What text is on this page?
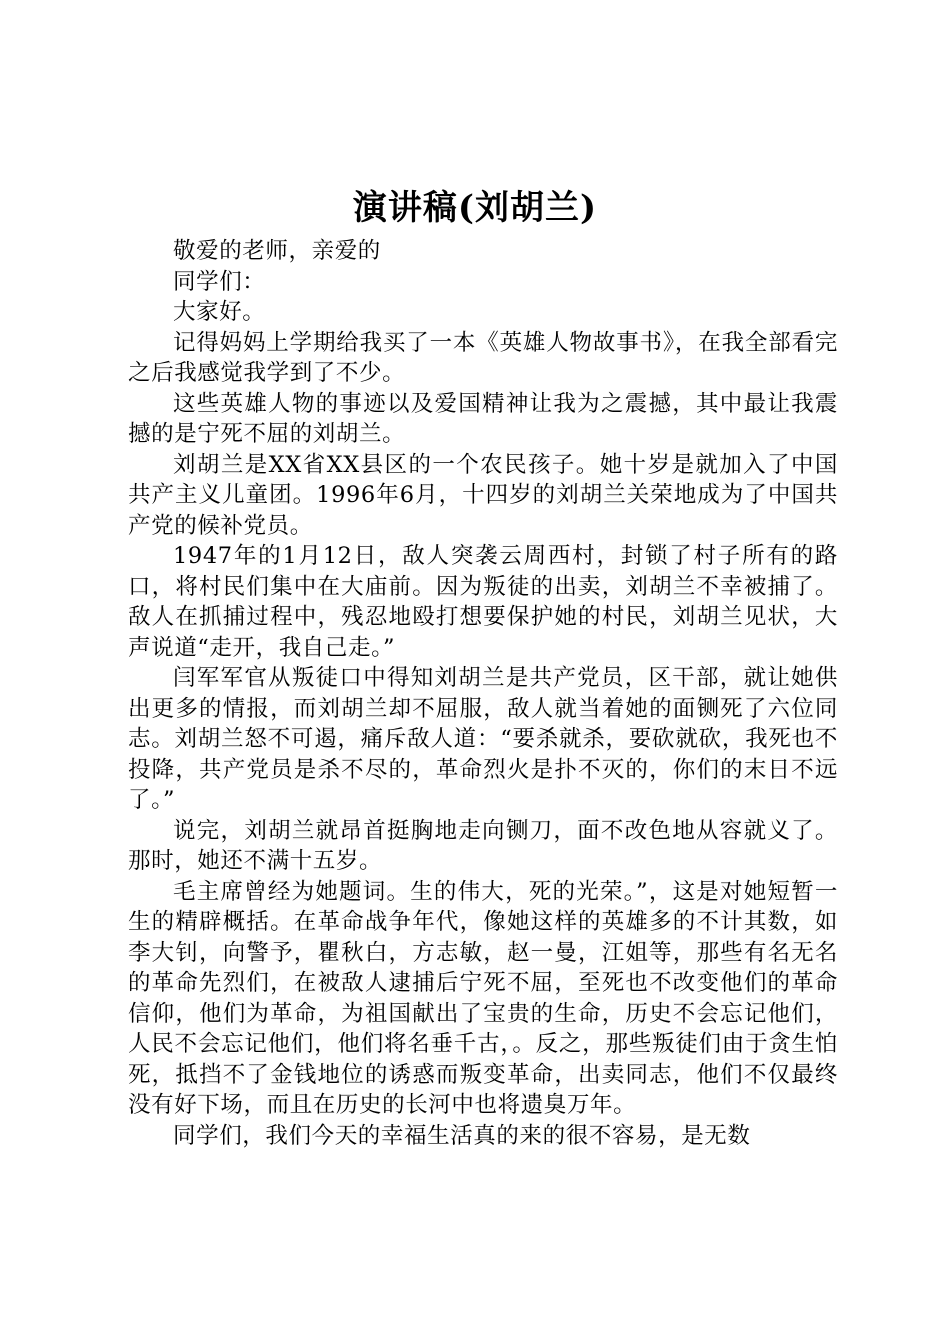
演讲稿(刘胡兰)

敬爱的老师，亲爱的

同学们：

大家好。

记得妈妈上学期给我买了一本《英雄人物故事书》，在我全部看完之后我感觉我学到了不少。

这些英雄人物的事迹以及爱国精神让我为之震撼，其中最让我震撼的是宁死不屈的刘胡兰。

刘胡兰是XX省XX县区的一个农民孩子。她十岁是就加入了中国共产主义儿童团。1996年6月，十四岁的刘胡兰关荣地成为了中国共产党的候补党员。

1947年的1月12日，敌人突袭云周西村，封锁了村子所有的路口，将村民们集中在大庙前。因为叛徒的出卖，刘胡兰不幸被捕了。敌人在抓捕过程中，残忍地殴打想要保护她的村民，刘胡兰见状，大声说道“走开，我自己走。”

闫军军官从叛徒口中得知刘胡兰是共产党员，区干部，就让她供出更多的情报，而刘胡兰却不屈服，敌人就当着她的面铡死了六位同志。刘胡兰怒不可遏，痛斥敌人道：“要杀就杀，要砍就砍，我死也不投降，共产党员是杀不尽的，革命烈火是扑不灭的，你们的末日不远了。”

说完，刘胡兰就昂首挺胸地走向铡刀，面不改色地从容就义了。那时，她还不满十五岁。

毛主席曾经为她题词。生的伟大，死的光荣。”，这是对她短暂一生的精辟概括。在革命战争年代，像她这样的英雄多的不计其数，如李大钊，向警予，瞿秋白，方志敏，赵一曼，江姐等，那些有名无名的革命先烈们，在被敌人逮捕后宁死不屈，至死也不改变他们的革命信仰，他们为革命，为祖国献出了宝贵的生命，历史不会忘记他们，人民不会忘记他们，他们将名垂千古，。反之，那些叛徒们由于贪生怕死，抵挡不了金钱地位的诱惑而叛变革命，出卖同志，他们不仅最终没有好下场，而且在历史的长河中也将遗臭万年。

同学们，我们今天的幸福生活真的来的很不容易，是无数
